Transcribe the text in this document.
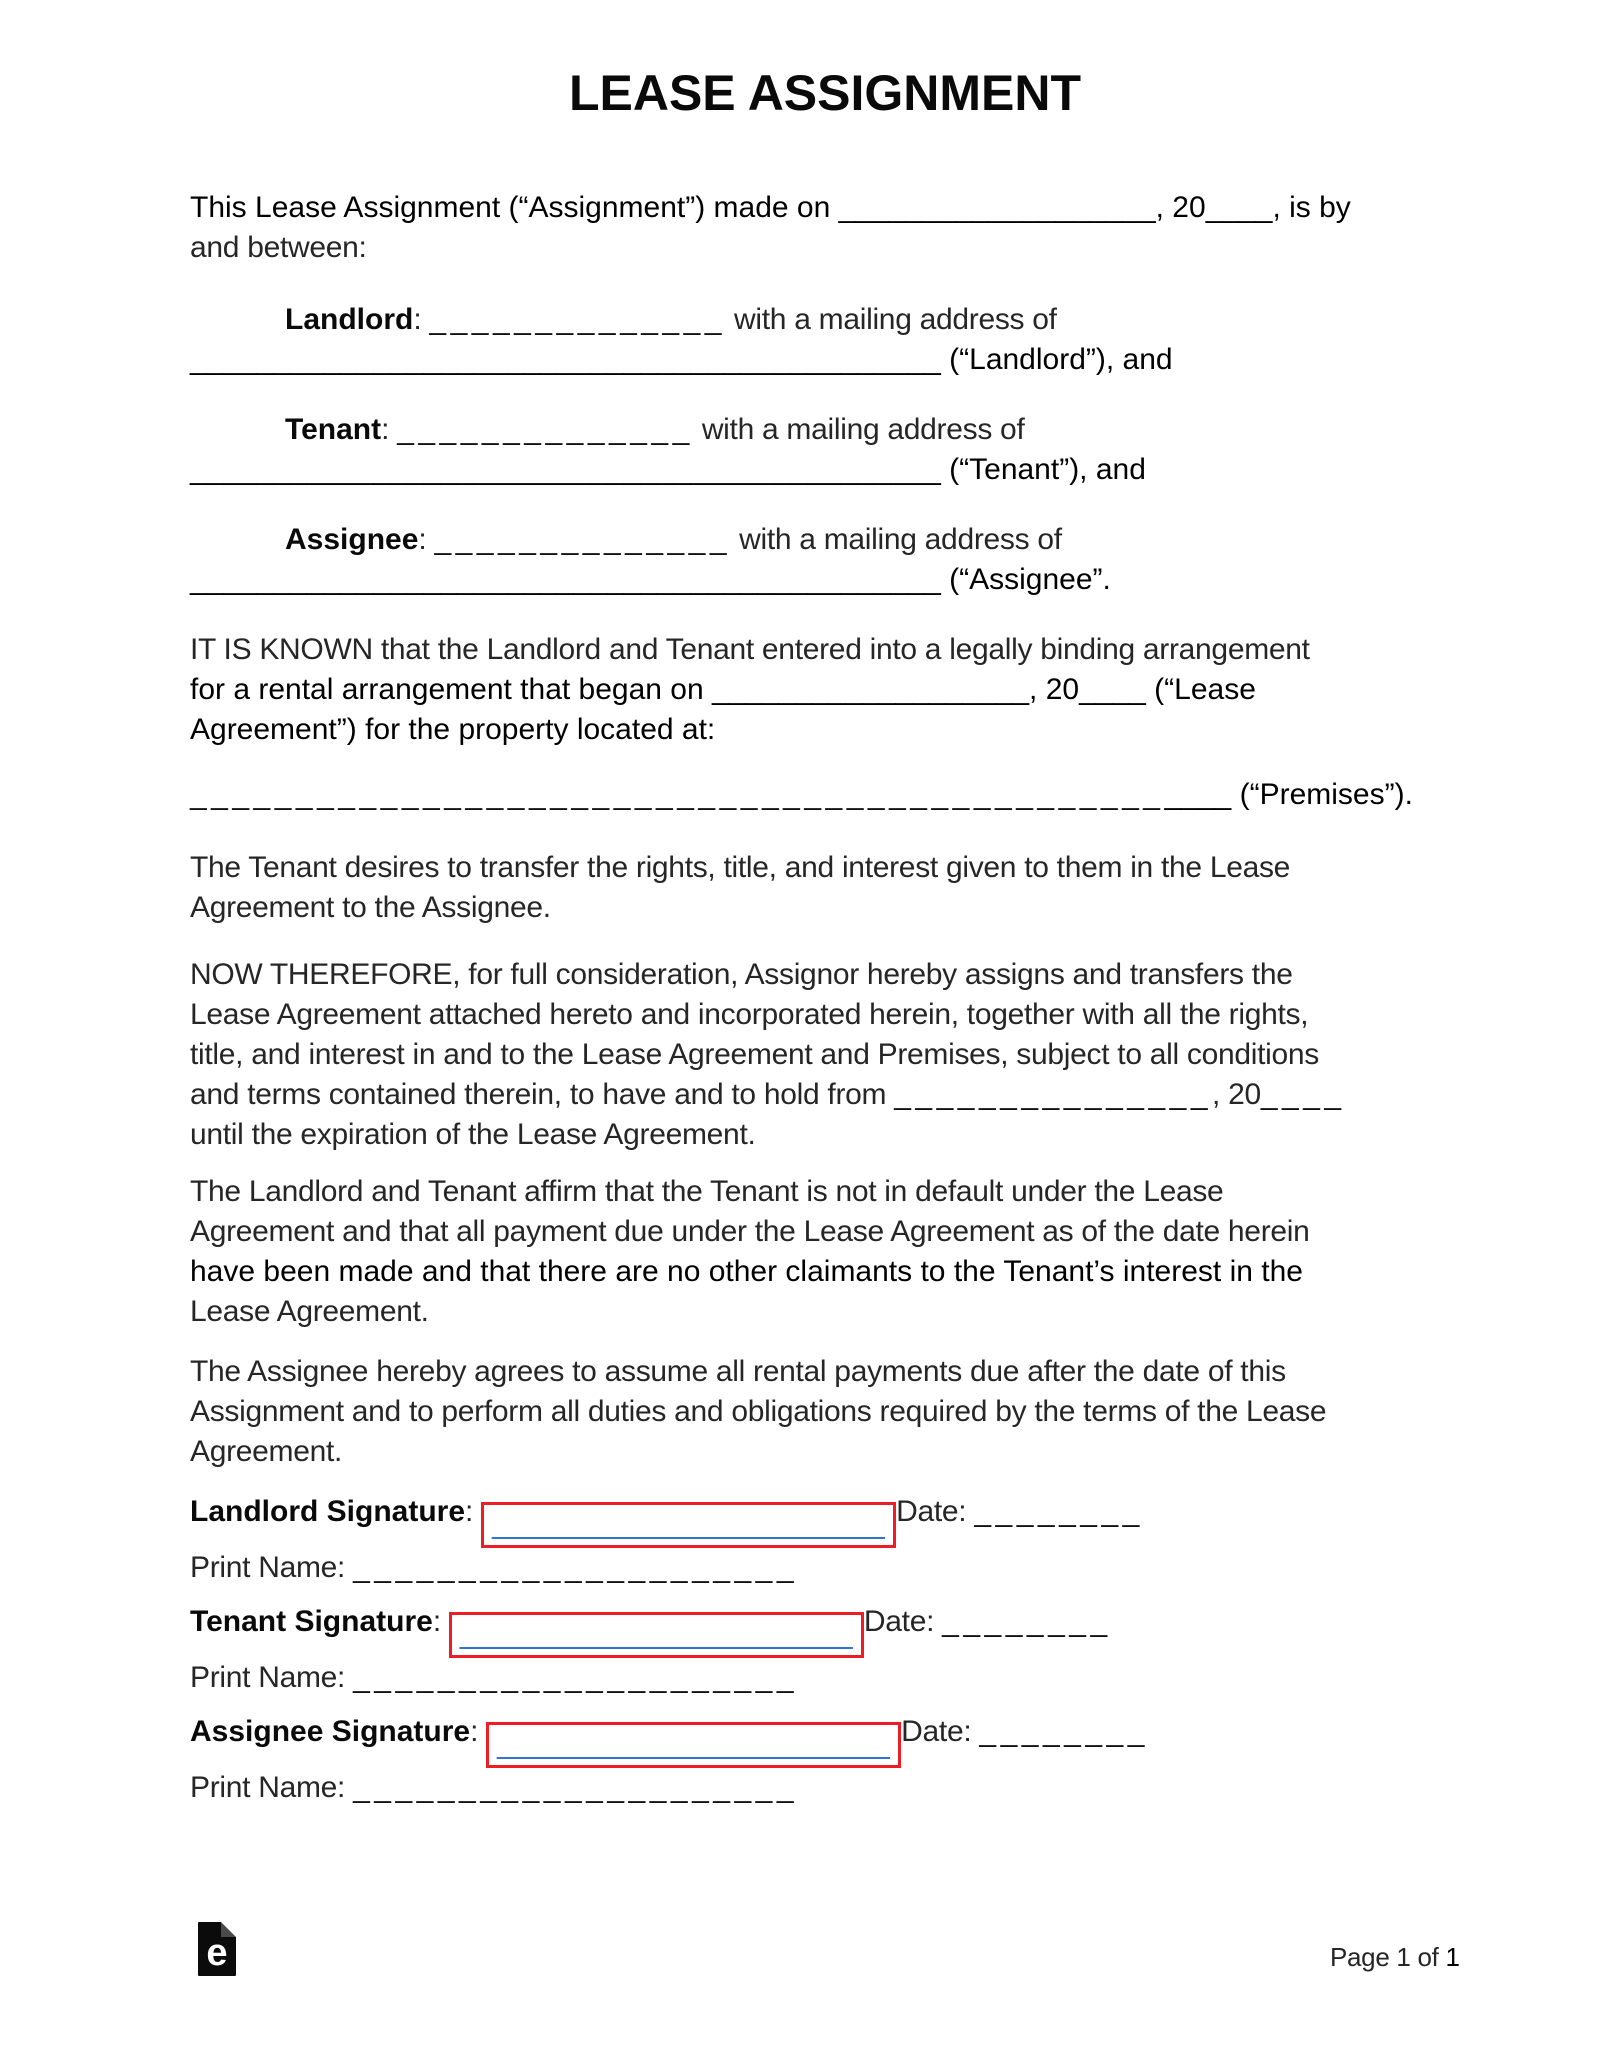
LEASE ASSIGNMENT
This Lease Assignment (“Assignment”) made on ___________________, 20____, is by
and between:
Landlord: ______________ with a mailing address of
_____________________________________________ (“Landlord”), and
Tenant: ______________ with a mailing address of
_____________________________________________ (“Tenant”), and
Assignee: ______________ with a mailing address of
_____________________________________________ (“Assignee”.
IT IS KNOWN that the Landlord and Tenant entered into a legally binding arrangement
for a rental arrangement that began on ___________________, 20____ (“Lease
Agreement”) for the property located at:
__________________________________________________ (“Premises”).
The Tenant desires to transfer the rights, title, and interest given to them in the Lease
Agreement to the Assignee.
NOW THEREFORE, for full consideration, Assignor hereby assigns and transfers the
Lease Agreement attached hereto and incorporated herein, together with all the rights,
title, and interest in and to the Lease Agreement and Premises, subject to all conditions
and terms contained therein, to have and to hold from _______________, 20____
until the expiration of the Lease Agreement.
The Landlord and Tenant affirm that the Tenant is not in default under the Lease
Agreement and that all payment due under the Lease Agreement as of the date herein
have been made and that there are no other claimants to the Tenant’s interest in the
Lease Agreement.
The Assignee hereby agrees to assume all rental payments due after the date of this
Assignment and to perform all duties and obligations required by the terms of the Lease
Agreement.
Landlord Signature: ___________________ Date: ________
Print Name: _____________________
Tenant Signature: ___________________ Date: ________
Print Name: _____________________
Assignee Signature: ___________________ Date: ________
Print Name: _____________________
e	Page 1 of 1
